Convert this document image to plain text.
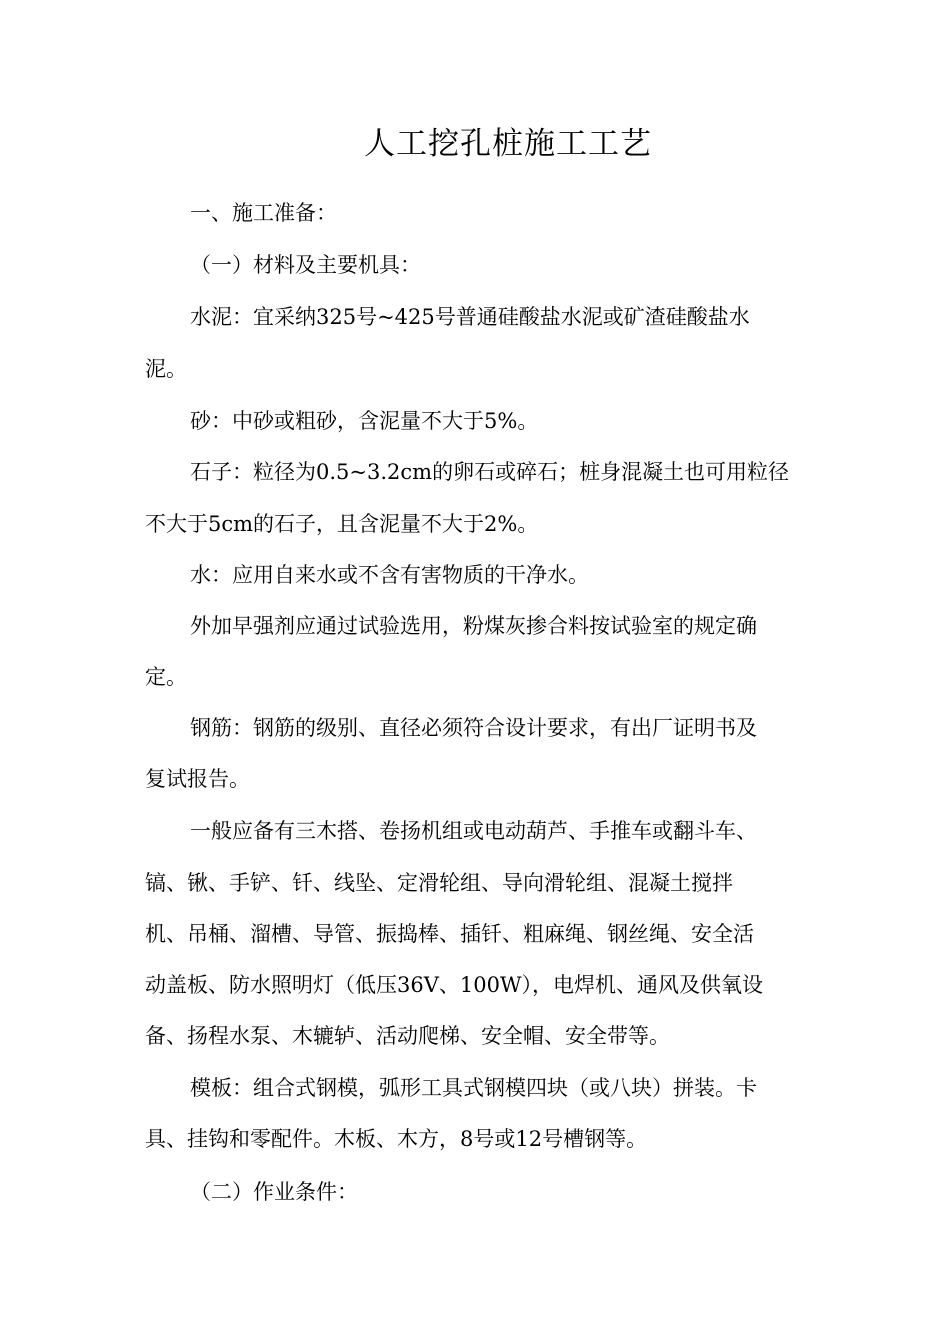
人工挖孔桩施工工艺
一、施工准备：
（一）材料及主要机具：
水泥：宜采纳325号~425号普通硅酸盐水泥或矿渣硅酸盐水
泥。
砂：中砂或粗砂，含泥量不大于5%。
石子：粒径为0.5~3.2cm的卵石或碎石；桩身混凝土也可用粒径
不大于5cm的石子，且含泥量不大于2%。
水：应用自来水或不含有害物质的干净水。
外加早强剂应通过试验选用，粉煤灰掺合料按试验室的规定确
定。
钢筋：钢筋的级别、直径必须符合设计要求，有出厂证明书及
复试报告。
一般应备有三木搭、卷扬机组或电动葫芦、手推车或翻斗车、
镐、锹、手铲、钎、线坠、定滑轮组、导向滑轮组、混凝土搅拌
机、吊桶、溜槽、导管、振捣棒、插钎、粗麻绳、钢丝绳、安全活
动盖板、防水照明灯（低压36V、100W），电焊机、通风及供氧设
备、扬程水泵、木辘轳、活动爬梯、安全帽、安全带等。
模板：组合式钢模，弧形工具式钢模四块（或八块）拼装。卡
具、挂钩和零配件。木板、木方，8号或12号槽钢等。
（二）作业条件：
